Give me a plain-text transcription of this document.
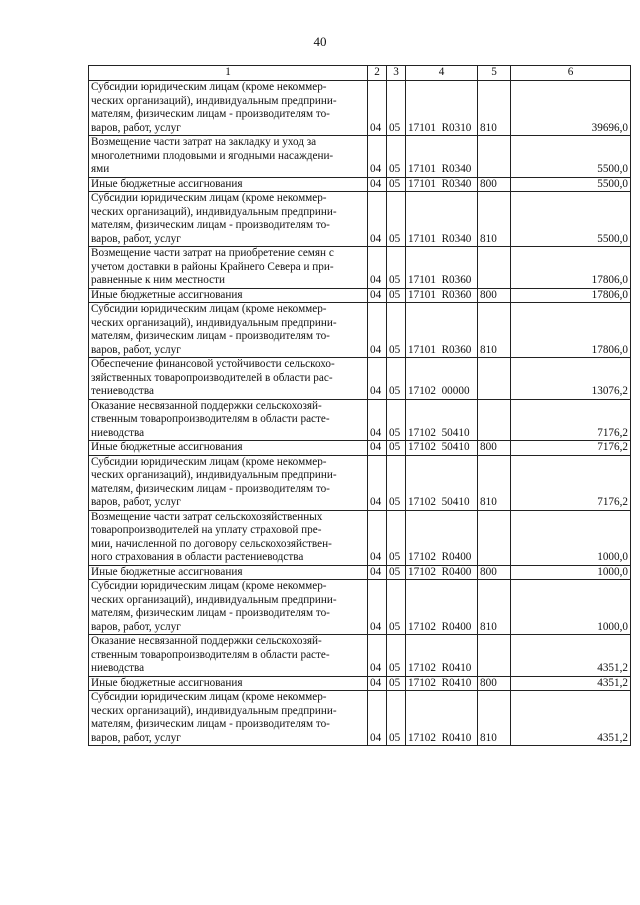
40
1	2	3	4	5	6
Субсидии юридическим лицам (кроме некоммер-
ческих организаций), индивидуальным предприни-
мателям, физическим лицам - производителям то-
варов, работ, услуг	04	05	17101  R0310	810	39696,0
Возмещение части затрат на закладку и уход за
многолетними плодовыми и ягодными насаждени-
ями	04	05	17101  R0340		5500,0
Иные бюджетные ассигнования	04	05	17101  R0340	800	5500,0
Субсидии юридическим лицам (кроме некоммер-
ческих организаций), индивидуальным предприни-
мателям, физическим лицам - производителям то-
варов, работ, услуг	04	05	17101  R0340	810	5500,0
Возмещение части затрат на приобретение семян с
учетом доставки в районы Крайнего Севера и при-
равненные к ним местности	04	05	17101  R0360		17806,0
Иные бюджетные ассигнования	04	05	17101  R0360	800	17806,0
Субсидии юридическим лицам (кроме некоммер-
ческих организаций), индивидуальным предприни-
мателям, физическим лицам - производителям то-
варов, работ, услуг	04	05	17101  R0360	810	17806,0
Обеспечение финансовой устойчивости сельскохо-
зяйственных товаропроизводителей в области рас-
тениеводства	04	05	17102  00000		13076,2
Оказание несвязанной поддержки сельскохозяй-
ственным товаропроизводителям в области расте-
ниеводства	04	05	17102  50410		7176,2
Иные бюджетные ассигнования	04	05	17102  50410	800	7176,2
Субсидии юридическим лицам (кроме некоммер-
ческих организаций), индивидуальным предприни-
мателям, физическим лицам - производителям то-
варов, работ, услуг	04	05	17102  50410	810	7176,2
Возмещение части затрат сельскохозяйственных
товаропроизводителей на уплату страховой пре-
мии, начисленной по договору сельскохозяйствен-
ного страхования в области растениеводства	04	05	17102  R0400		1000,0
Иные бюджетные ассигнования	04	05	17102  R0400	800	1000,0
Субсидии юридическим лицам (кроме некоммер-
ческих организаций), индивидуальным предприни-
мателям, физическим лицам - производителям то-
варов, работ, услуг	04	05	17102  R0400	810	1000,0
Оказание несвязанной поддержки сельскохозяй-
ственным товаропроизводителям в области расте-
ниеводства	04	05	17102  R0410		4351,2
Иные бюджетные ассигнования	04	05	17102  R0410	800	4351,2
Субсидии юридическим лицам (кроме некоммер-
ческих организаций), индивидуальным предприни-
мателям, физическим лицам - производителям то-
варов, работ, услуг	04	05	17102  R0410	810	4351,2
